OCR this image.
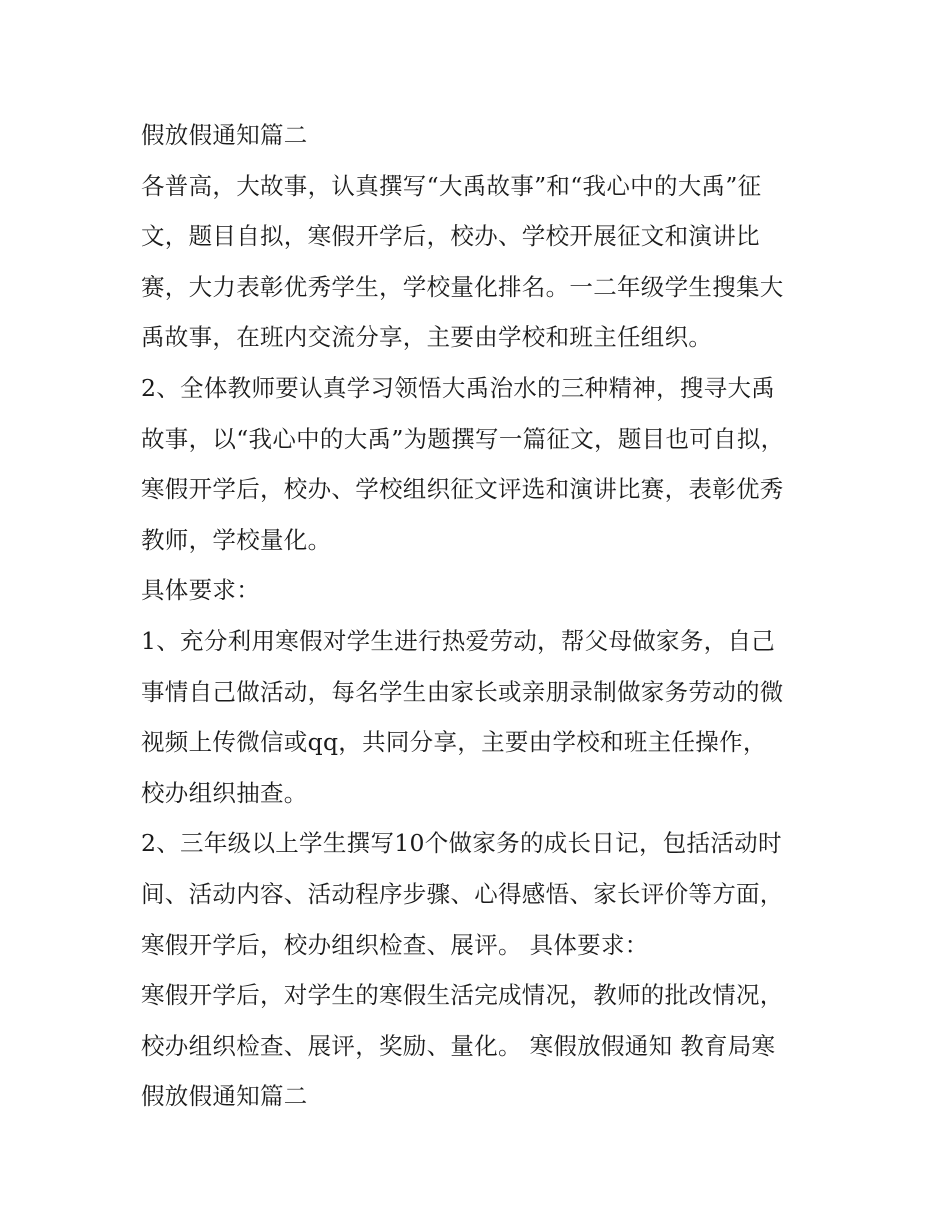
假放假通知篇二
各普高，大故事，认真撰写“大禹故事”和“我心中的大禹”征
文，题目自拟，寒假开学后，校办、学校开展征文和演讲比
赛，大力表彰优秀学生，学校量化排名。一二年级学生搜集大
禹故事，在班内交流分享，主要由学校和班主任组织。
2、全体教师要认真学习领悟大禹治水的三种精神，搜寻大禹
故事，以“我心中的大禹”为题撰写一篇征文，题目也可自拟，
寒假开学后，校办、学校组织征文评选和演讲比赛，表彰优秀
教师，学校量化。
具体要求：
1、充分利用寒假对学生进行热爱劳动，帮父母做家务，自己
事情自己做活动，每名学生由家长或亲朋录制做家务劳动的微
视频上传微信或qq，共同分享，主要由学校和班主任操作，
校办组织抽查。
2、三年级以上学生撰写10个做家务的成长日记，包括活动时
间、活动内容、活动程序步骤、心得感悟、家长评价等方面，
寒假开学后，校办组织检查、展评。 具体要求：
寒假开学后，对学生的寒假生活完成情况，教师的批改情况，
校办组织检查、展评，奖励、量化。 寒假放假通知 教育局寒
假放假通知篇二
